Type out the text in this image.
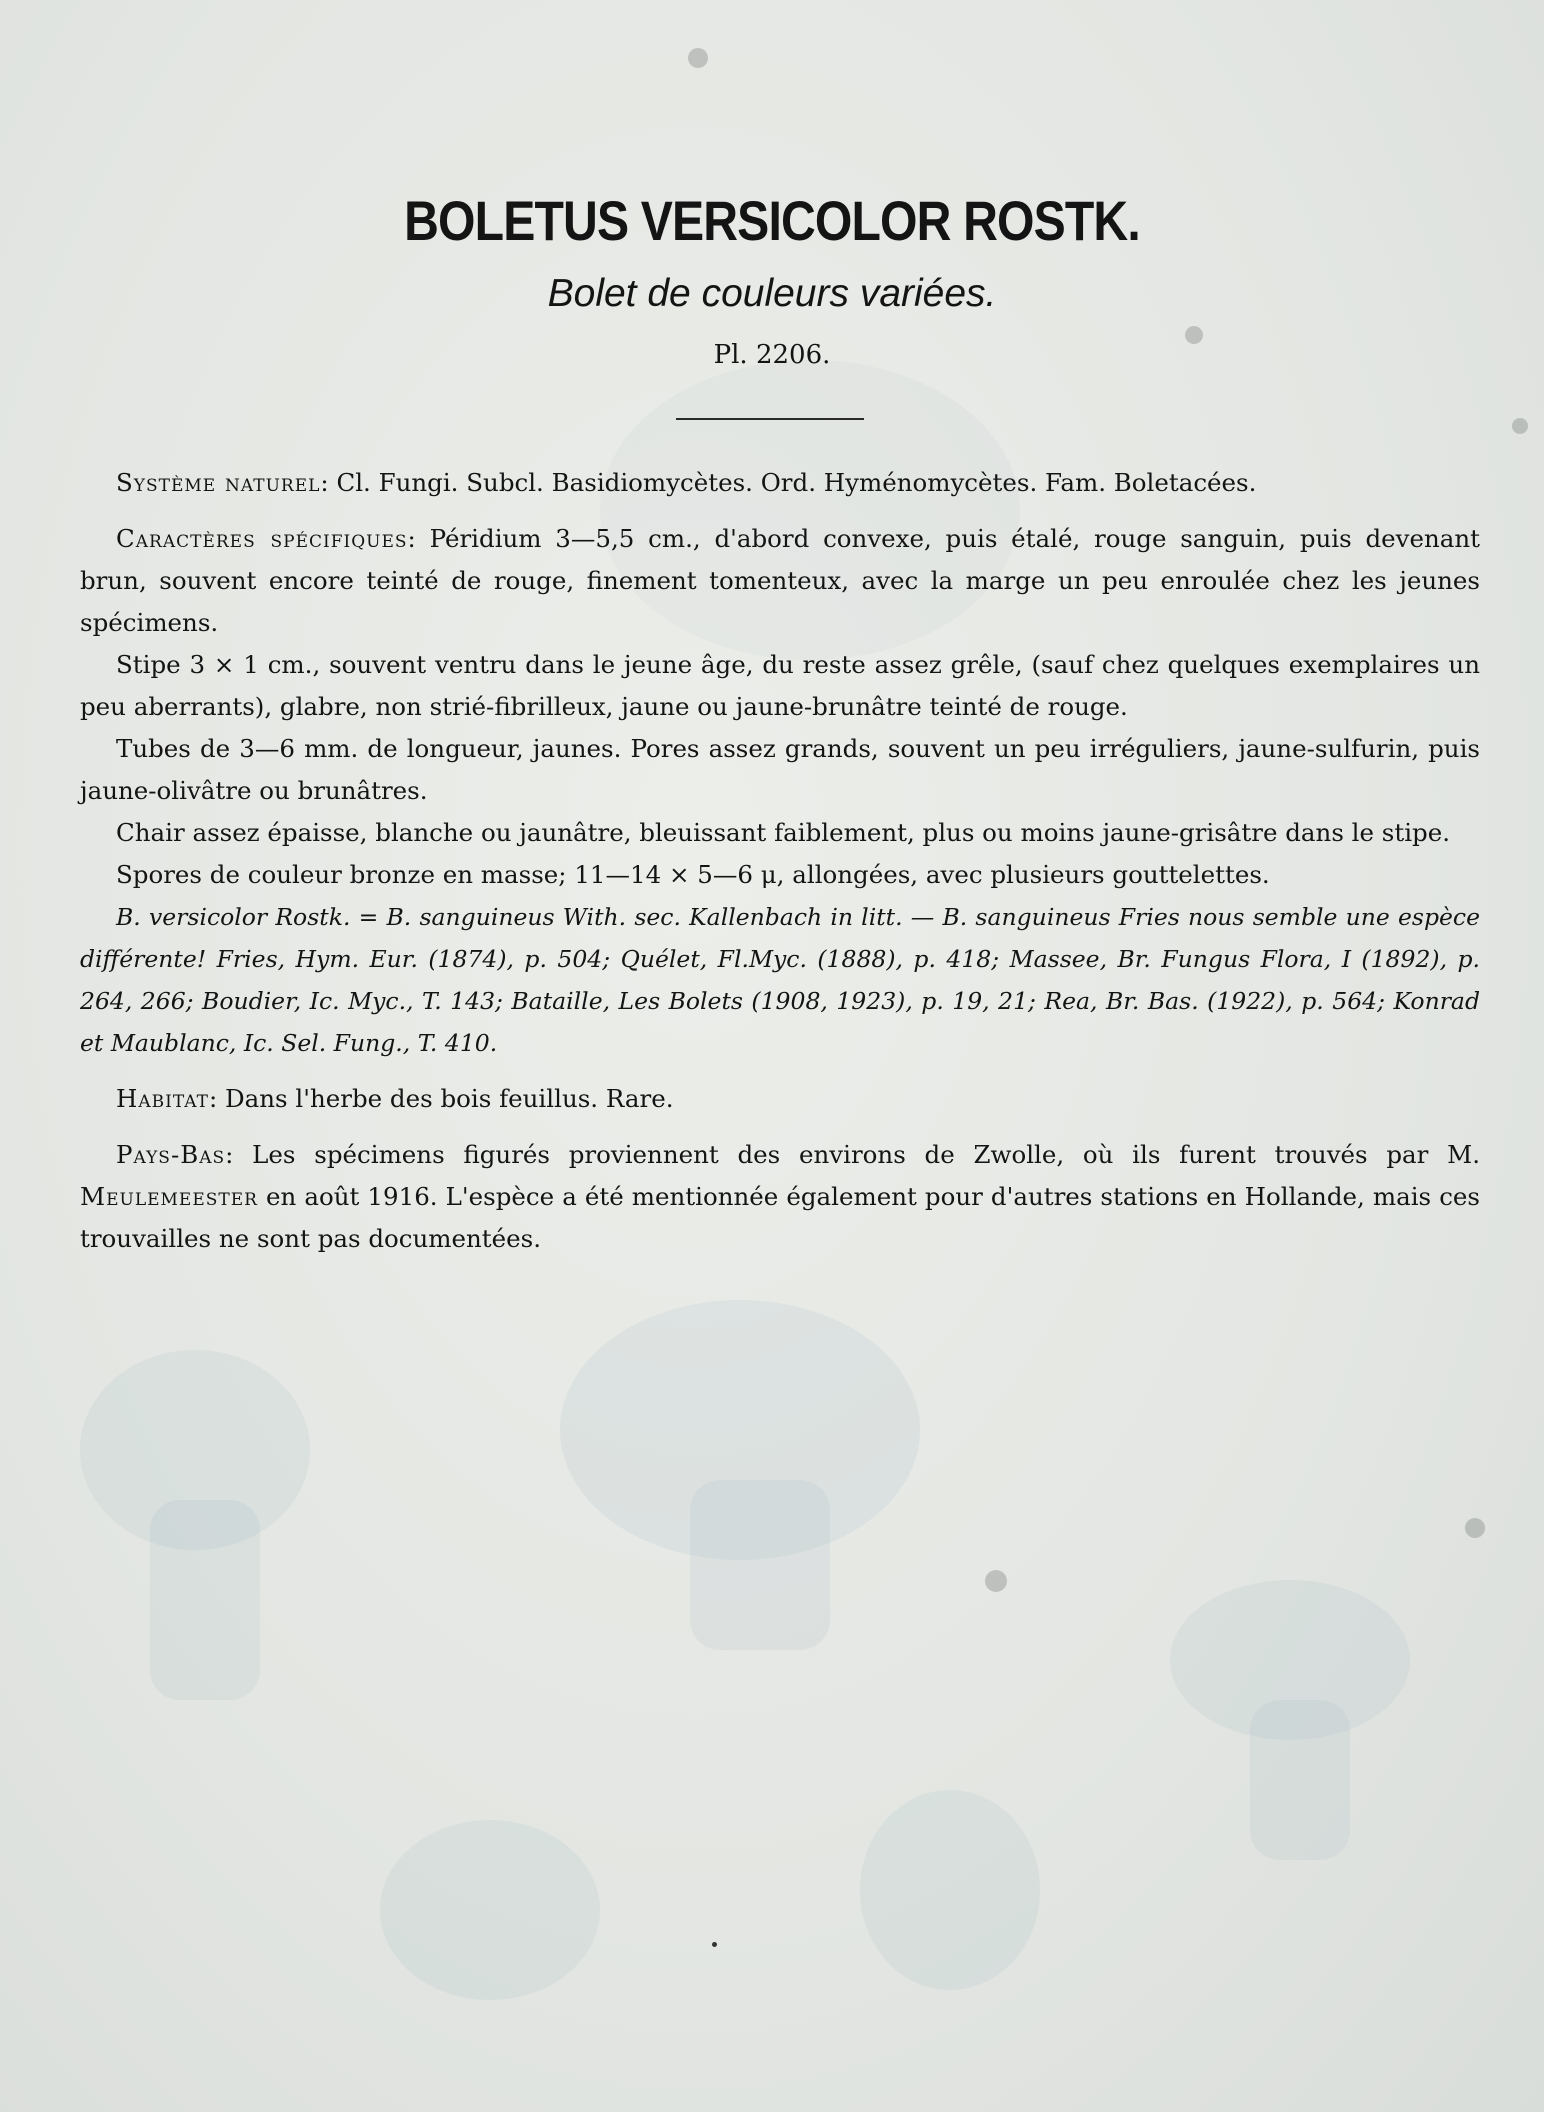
BOLETUS VERSICOLOR ROSTK.
Bolet de couleurs variées.
Pl. 2206.

Système naturel: Cl. Fungi. Subcl. Basidiomycètes. Ord. Hyménomycètes. Fam. Boletacées.

Caractères spécifiques: Péridium 3—5,5 cm., d'abord convexe, puis étalé, rouge sanguin, puis devenant brun, souvent encore teinté de rouge, finement tomenteux, avec la marge un peu enroulée chez les jeunes spécimens.

Stipe 3 × 1 cm., souvent ventru dans le jeune âge, du reste assez grêle, (sauf chez quelques exemplaires un peu aberrants), glabre, non strié-fibrilleux, jaune ou jaune-brunâtre teinté de rouge.

Tubes de 3—6 mm. de longueur, jaunes. Pores assez grands, souvent un peu irréguliers, jaune-sulfurin, puis jaune-olivâtre ou brunâtres.

Chair assez épaisse, blanche ou jaunâtre, bleuissant faiblement, plus ou moins jaune-grisâtre dans le stipe.

Spores de couleur bronze en masse; 11—14 × 5—6 μ, allongées, avec plusieurs gouttelettes.

B. versicolor Rostk. = B. sanguineus With. sec. Kallenbach in litt. — B. sanguineus Fries nous semble une espèce différente! Fries, Hym. Eur. (1874), p. 504; Quélet, Fl.Myc. (1888), p. 418; Massee, Br. Fungus Flora, I (1892), p. 264, 266; Boudier, Ic. Myc., T. 143; Bataille, Les Bolets (1908, 1923), p. 19, 21; Rea, Br. Bas. (1922), p. 564; Konrad et Maublanc, Ic. Sel. Fung., T. 410.

Habitat: Dans l'herbe des bois feuillus. Rare.

Pays-Bas: Les spécimens figurés proviennent des environs de Zwolle, où ils furent trouvés par M. Meulemeester en août 1916. L'espèce a été mentionnée également pour d'autres stations en Hollande, mais ces trouvailles ne sont pas documentées.
